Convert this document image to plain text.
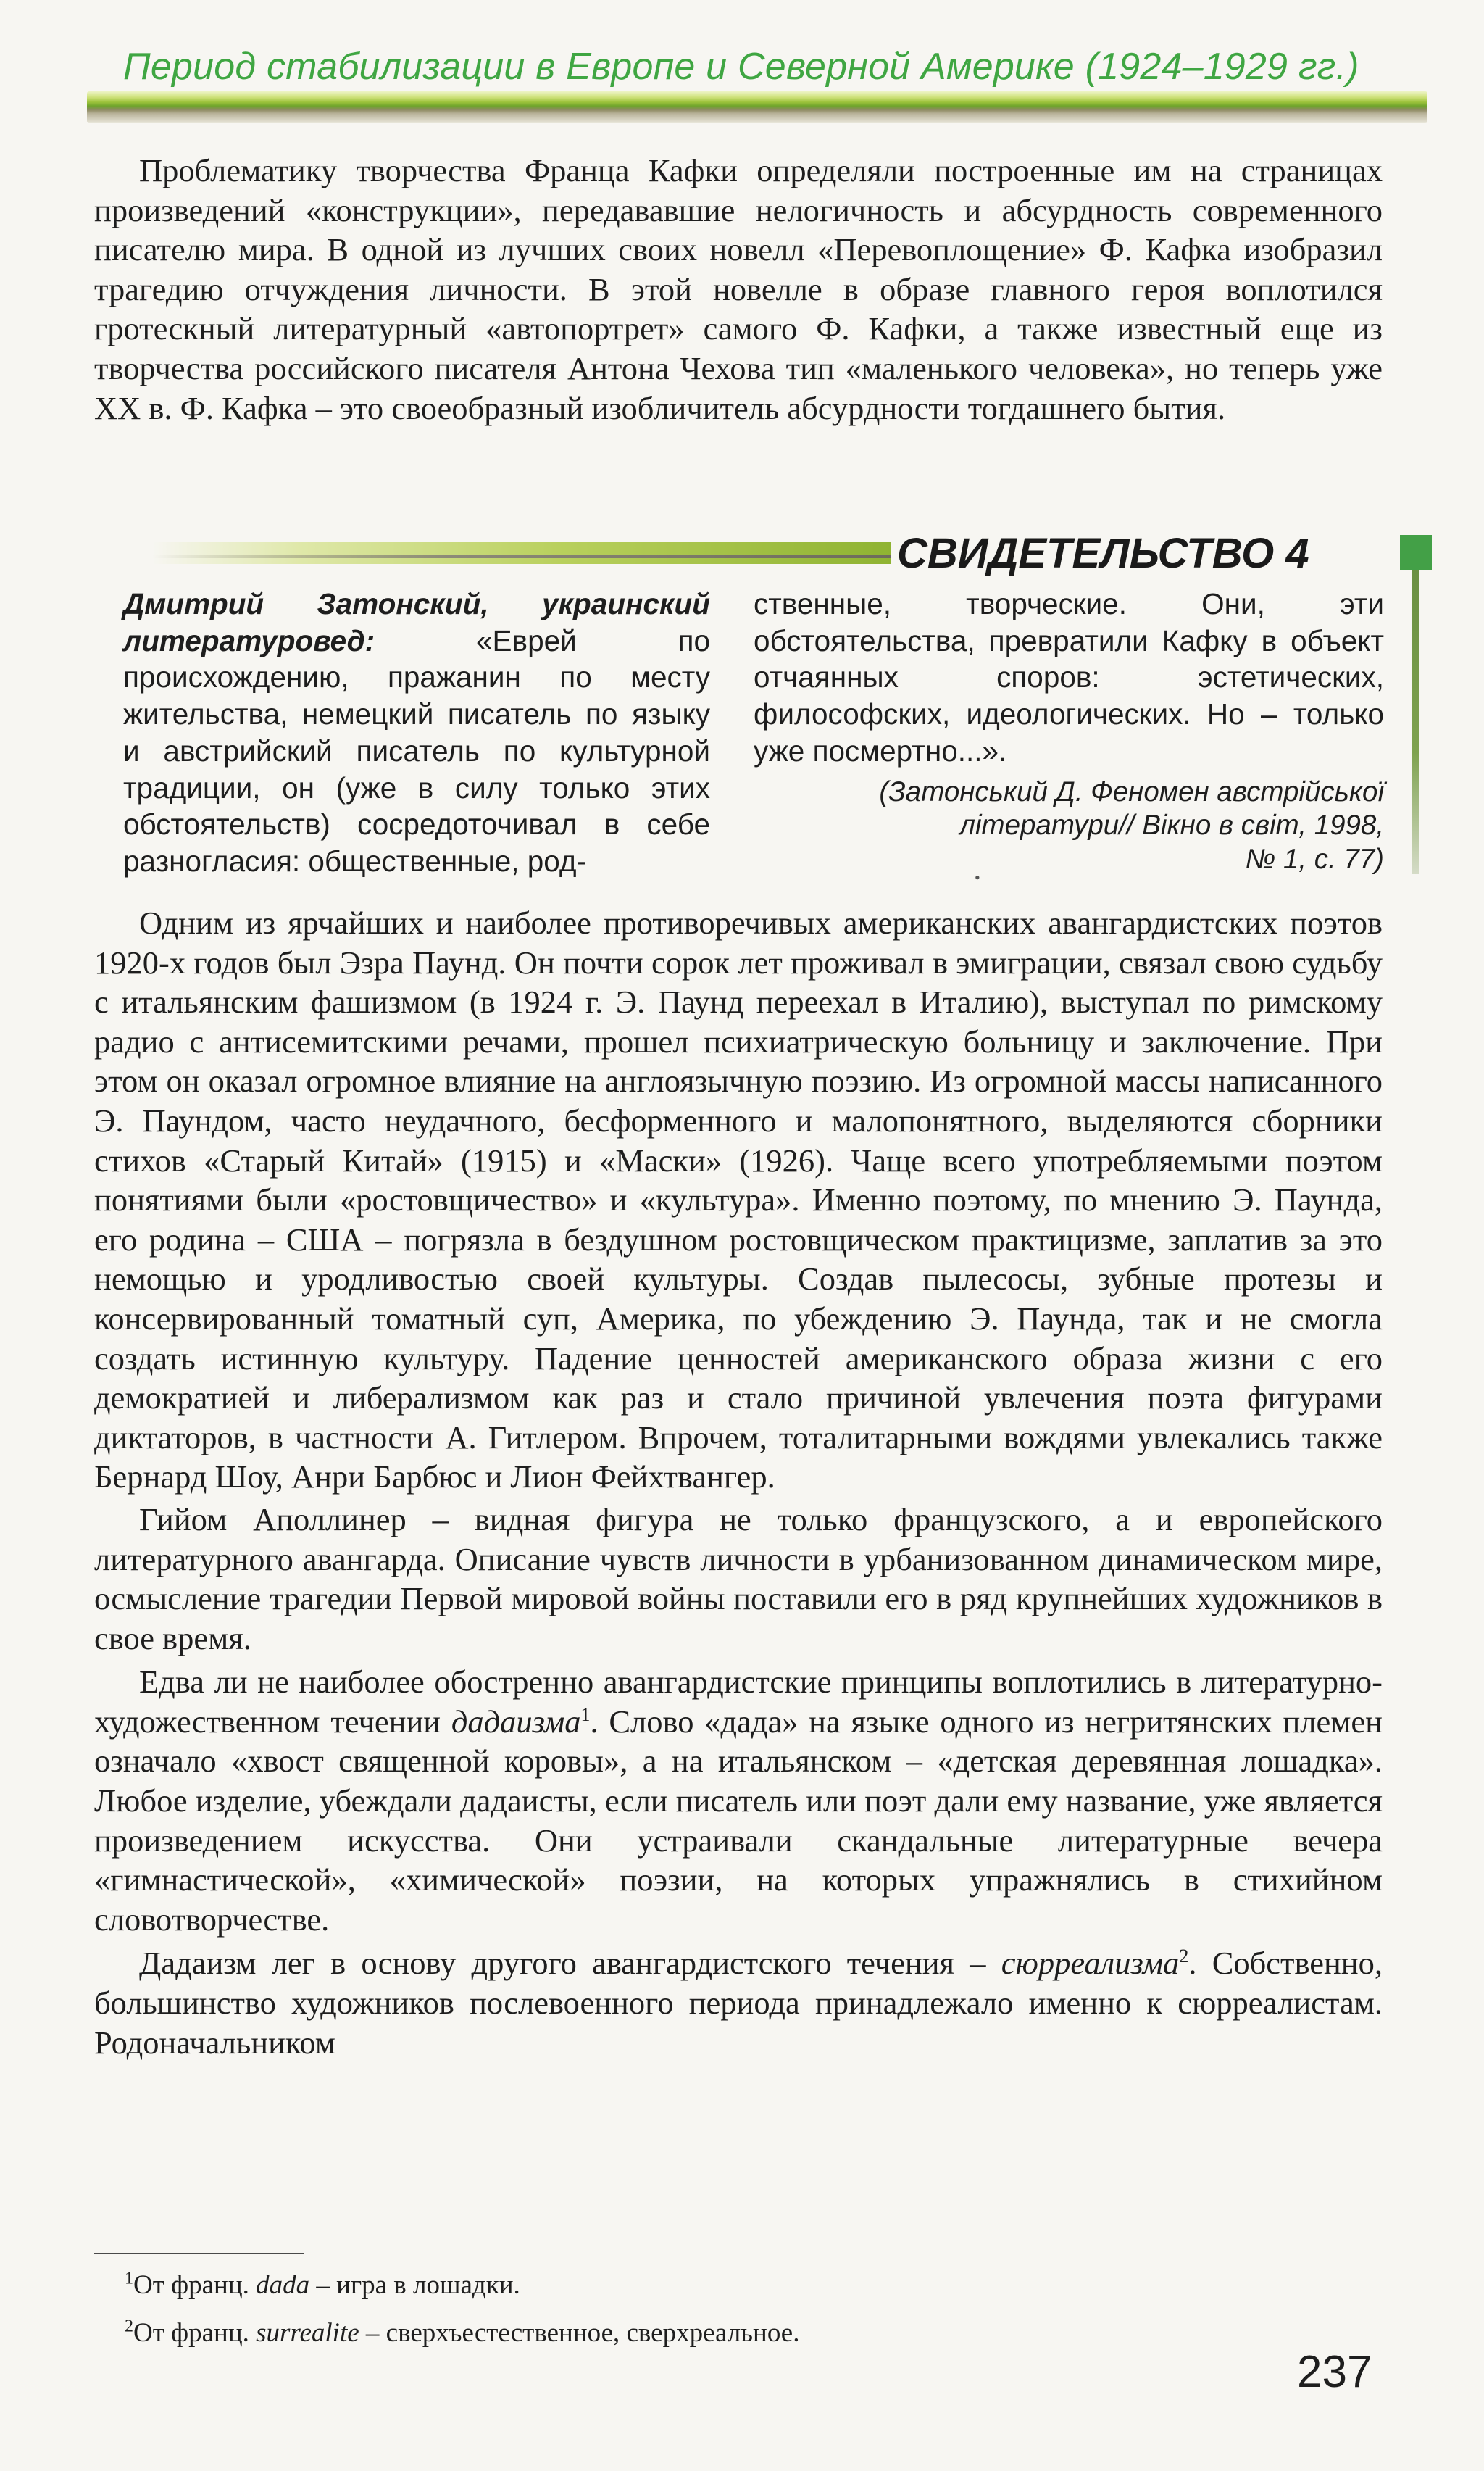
Период стабилизации в Европе и Северной Америке (1924–1929 гг.)

Проблематику творчества Франца Кафки определяли построенные им на страницах произведений «конструкции», передававшие нелогичность и абсурдность современного писателю мира. В одной из лучших своих новелл «Перевоплощение» Ф. Кафка изобразил трагедию отчуждения личности. В этой новелле в образе главного героя воплотился гротескный литературный «автопортрет» самого Ф. Кафки, а также известный еще из творчества российского писателя Антона Чехова тип «маленького человека», но теперь уже XX в. Ф. Кафка – это своеобразный изобличитель абсурдности тогдашнего бытия.

СВИДЕТЕЛЬСТВО 4

Дмитрий Затонский, украинский литературовед:	«Еврей по происхождению, пражанин по месту жительства, немецкий писатель по языку и австрийский писатель по культурной традиции, он (уже в силу только этих обстоятельств) сосредоточивал в себе разногласия: общественные, род-

ственные, творческие. Они, эти обстоятельства, превратили Кафку в объект отчаянных споров: эстетических, философских, идеологических. Но – только уже посмертно...».

(Затонський Д. Феномен австрійської
літератури// Вікно в світ, 1998,
№ 1, с. 77)
•

Одним из ярчайших и наиболее противоречивых американских авангардистских поэтов 1920-х годов был Эзра Паунд. Он почти сорок лет проживал в эмиграции, связал свою судьбу с итальянским фашизмом (в 1924 г. Э. Паунд переехал в Италию), выступал по римскому радио с антисемитскими речами, прошел психиатрическую больницу и заключение. При этом он оказал огромное влияние на англоязычную поэзию. Из огромной массы написанного Э. Паундом, часто неудачного, бесформенного и малопонятного, выделяются сборники стихов «Старый Китай» (1915) и «Маски» (1926). Чаще всего употребляемыми поэтом понятиями были «ростовщичество» и «культура». Именно поэтому, по мнению Э. Паунда, его родина – США – погрязла в бездушном ростовщическом практицизме, заплатив за это немощью и уродливостью своей культуры. Создав пылесосы, зубные протезы и консервированный томатный суп, Америка, по убеждению Э. Паунда, так и не смогла создать истинную культуру. Падение ценностей американского образа жизни с его демократией и либерализмом как раз и стало причиной увлечения поэта фигурами диктаторов, в частности А. Гитлером. Впрочем, тоталитарными вождями увлекались также Бернард Шоу, Анри Барбюс и Лион Фейхтвангер.

Гийом Аполлинер – видная фигура не только французского, а и европейского литературного авангарда. Описание чувств личности в урбанизованном динамическом мире, осмысление трагедии Первой мировой войны поставили его в ряд крупнейших художников в свое время.

Едва ли не наиболее обостренно авангардистские принципы воплотились в литературно-художественном течении дадаизма$^1$. Слово «дада» на языке одного из негритянских племен означало «хвост священной коровы», а на итальянском – «детская деревянная лошадка». Любое изделие, убеждали дадаисты, если писатель или поэт дали ему название, уже является произведением искусства. Они устраивали скандальные литературные вечера «гимнастической», «химической» поэзии, на которых упражнялись в стихийном словотворчестве.

Дадаизм лег в основу другого авангардистского течения – сюрреализма$^2$. Собственно, большинство художников послевоенного периода принадлежало именно к сюрреалистам. Родоначальником

$^1$От франц. dada – игра в лошадки.

$^2$От франц. surrealite – сверхъестественное, сверхреальное.

237
